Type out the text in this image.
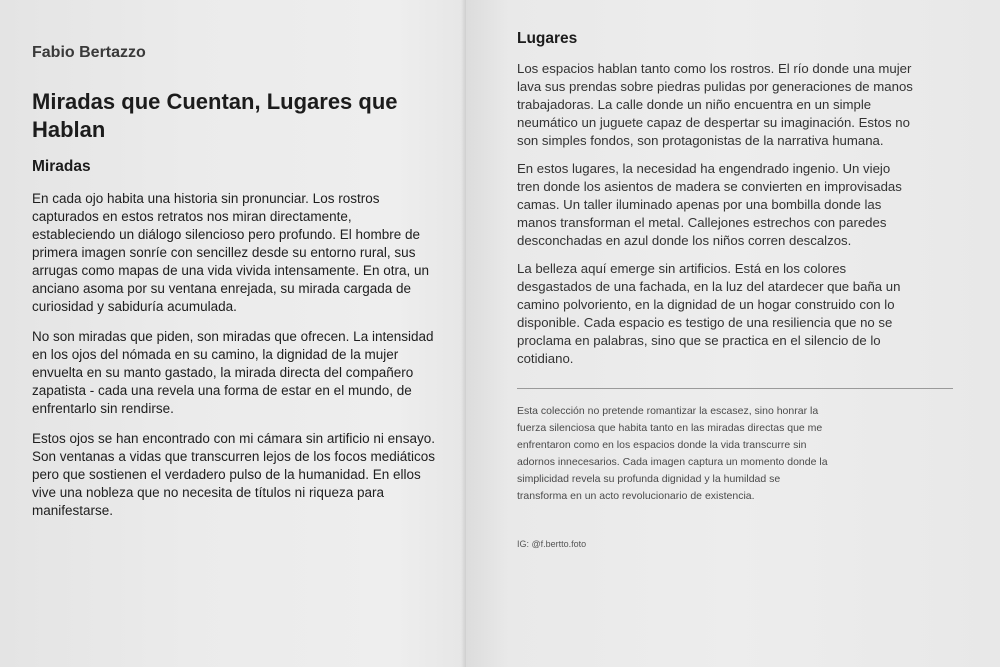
Fabio Bertazzo
Miradas que Cuentan, Lugares que Hablan
Miradas

En cada ojo habita una historia sin pronunciar. Los rostros
capturados en estos retratos nos miran directamente,
estableciendo un diálogo silencioso pero profundo. El hombre de
primera imagen sonríe con sencillez desde su entorno rural, sus
arrugas como mapas de una vida vivida intensamente. En otra, un
anciano asoma por su ventana enrejada, su mirada cargada de
curiosidad y sabiduría acumulada.

No son miradas que piden, son miradas que ofrecen. La intensidad
en los ojos del nómada en su camino, la dignidad de la mujer
envuelta en su manto gastado, la mirada directa del compañero
zapatista - cada una revela una forma de estar en el mundo, de
enfrentarlo sin rendirse.

Estos ojos se han encontrado con mi cámara sin artificio ni ensayo.
Son ventanas a vidas que transcurren lejos de los focos mediáticos
pero que sostienen el verdadero pulso de la humanidad. En ellos
vive una nobleza que no necesita de títulos ni riqueza para
manifestarse.

Lugares

Los espacios hablan tanto como los rostros. El río donde una mujer
lava sus prendas sobre piedras pulidas por generaciones de manos
trabajadoras. La calle donde un niño encuentra en un simple
neumático un juguete capaz de despertar su imaginación. Estos no
son simples fondos, son protagonistas de la narrativa humana.

En estos lugares, la necesidad ha engendrado ingenio. Un viejo
tren donde los asientos de madera se convierten en improvisadas
camas. Un taller iluminado apenas por una bombilla donde las
manos transforman el metal. Callejones estrechos con paredes
desconchadas en azul donde los niños corren descalzos.

La belleza aquí emerge sin artificios. Está en los colores
desgastados de una fachada, en la luz del atardecer que baña un
camino polvoriento, en la dignidad de un hogar construido con lo
disponible. Cada espacio es testigo de una resiliencia que no se
proclama en palabras, sino que se practica en el silencio de lo
cotidiano.

Esta colección no pretende romantizar la escasez, sino honrar la
fuerza silenciosa que habita tanto en las miradas directas que me
enfrentaron como en los espacios donde la vida transcurre sin
adornos innecesarios. Cada imagen captura un momento donde la
simplicidad revela su profunda dignidad y la humildad se
transforma en un acto revolucionario de existencia.

IG: @f.bertto.foto
